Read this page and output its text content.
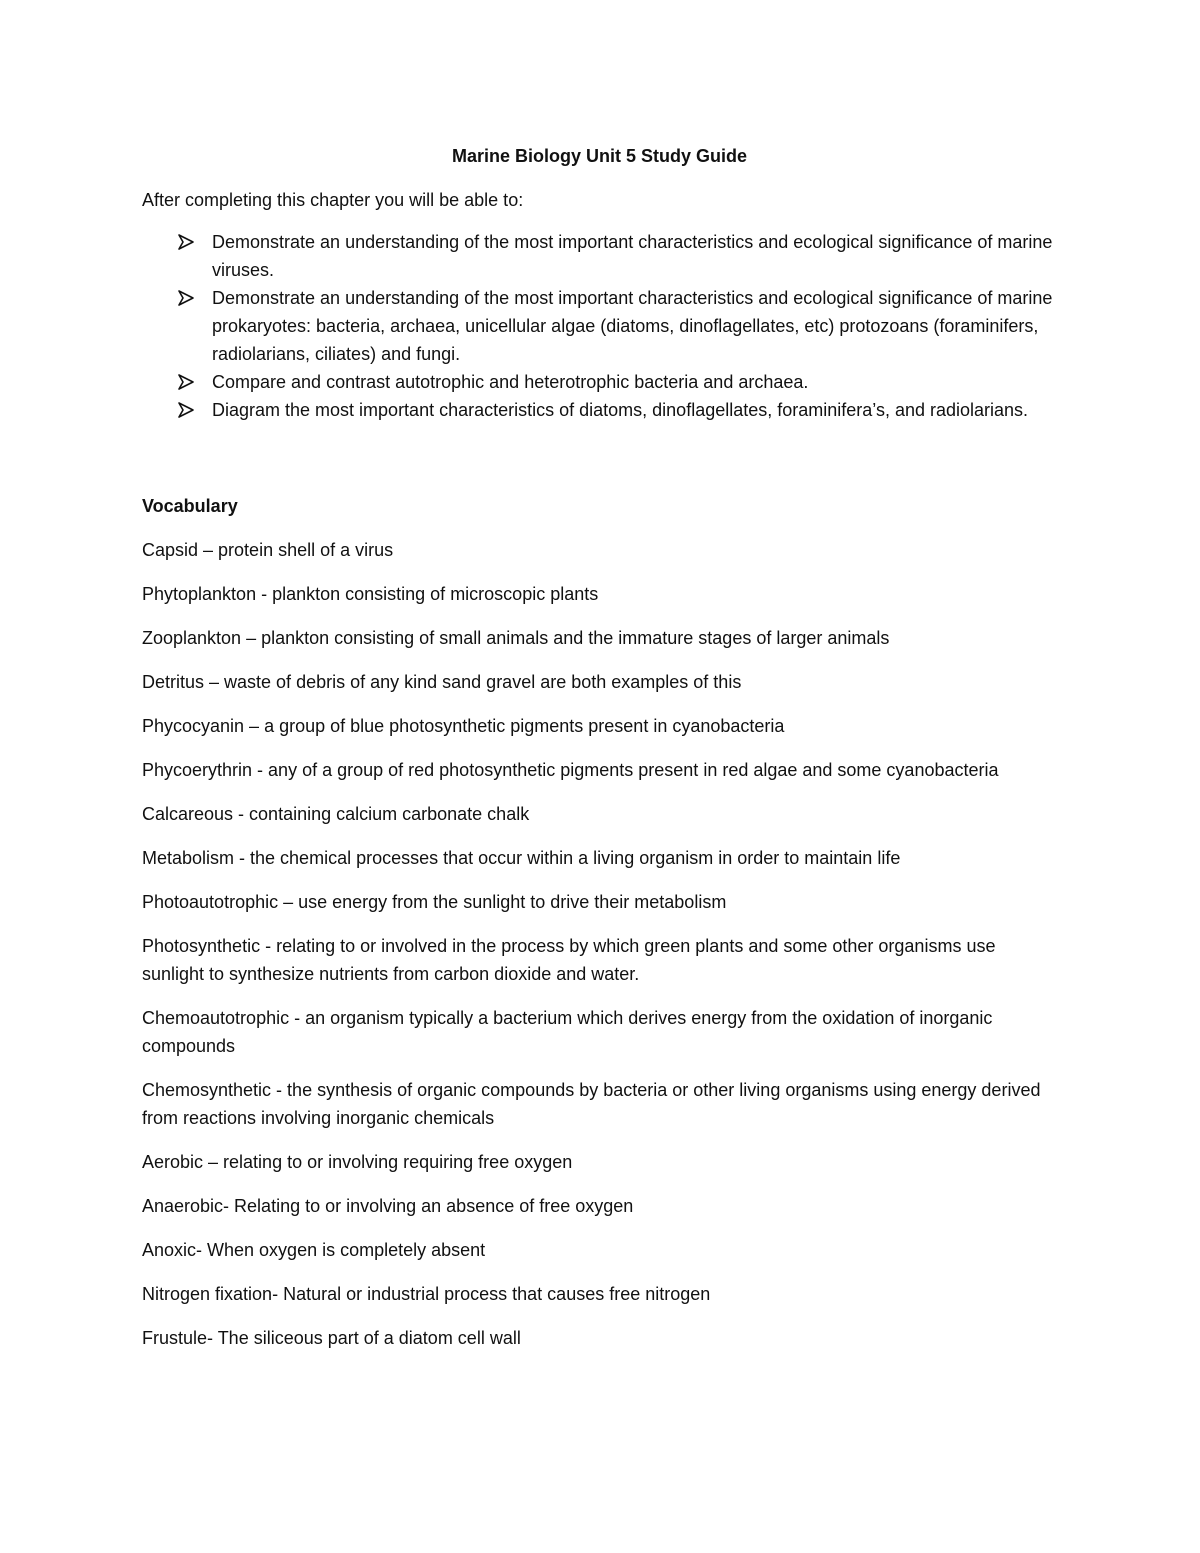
Marine Biology Unit 5 Study Guide
After completing this chapter you will be able to:
Demonstrate an understanding of the most important characteristics and ecological significance of marine viruses.
Demonstrate an understanding of the most important characteristics and ecological significance of marine prokaryotes: bacteria, archaea, unicellular algae (diatoms, dinoflagellates, etc) protozoans (foraminifers, radiolarians, ciliates) and fungi.
Compare and contrast autotrophic and heterotrophic bacteria and archaea.
Diagram the most important characteristics of diatoms, dinoflagellates, foraminifera’s, and radiolarians.
Vocabulary

Capsid – protein shell of a virus

Phytoplankton - plankton consisting of microscopic plants

Zooplankton – plankton consisting of small animals and the immature stages of larger animals

Detritus – waste of debris of any kind sand gravel are both examples of this

Phycocyanin – a group of blue photosynthetic pigments present in cyanobacteria

Phycoerythrin - any of a group of red photosynthetic pigments present in red algae and some cyanobacteria

Calcareous - containing calcium carbonate chalk

Metabolism - the chemical processes that occur within a living organism in order to maintain life

Photoautotrophic – use energy from the sunlight to drive their metabolism

Photosynthetic - relating to or involved in the process by which green plants and some other organisms use sunlight to synthesize nutrients from carbon dioxide and water.

Chemoautotrophic - an organism typically a bacterium which derives energy from the oxidation of inorganic compounds

Chemosynthetic - the synthesis of organic compounds by bacteria or other living organisms using energy derived from reactions involving inorganic chemicals

Aerobic – relating to or involving requiring free oxygen

Anaerobic- Relating to or involving an absence of free oxygen

Anoxic- When oxygen is completely absent

Nitrogen fixation- Natural or industrial process that causes free nitrogen

Frustule- The siliceous part of a diatom cell wall
